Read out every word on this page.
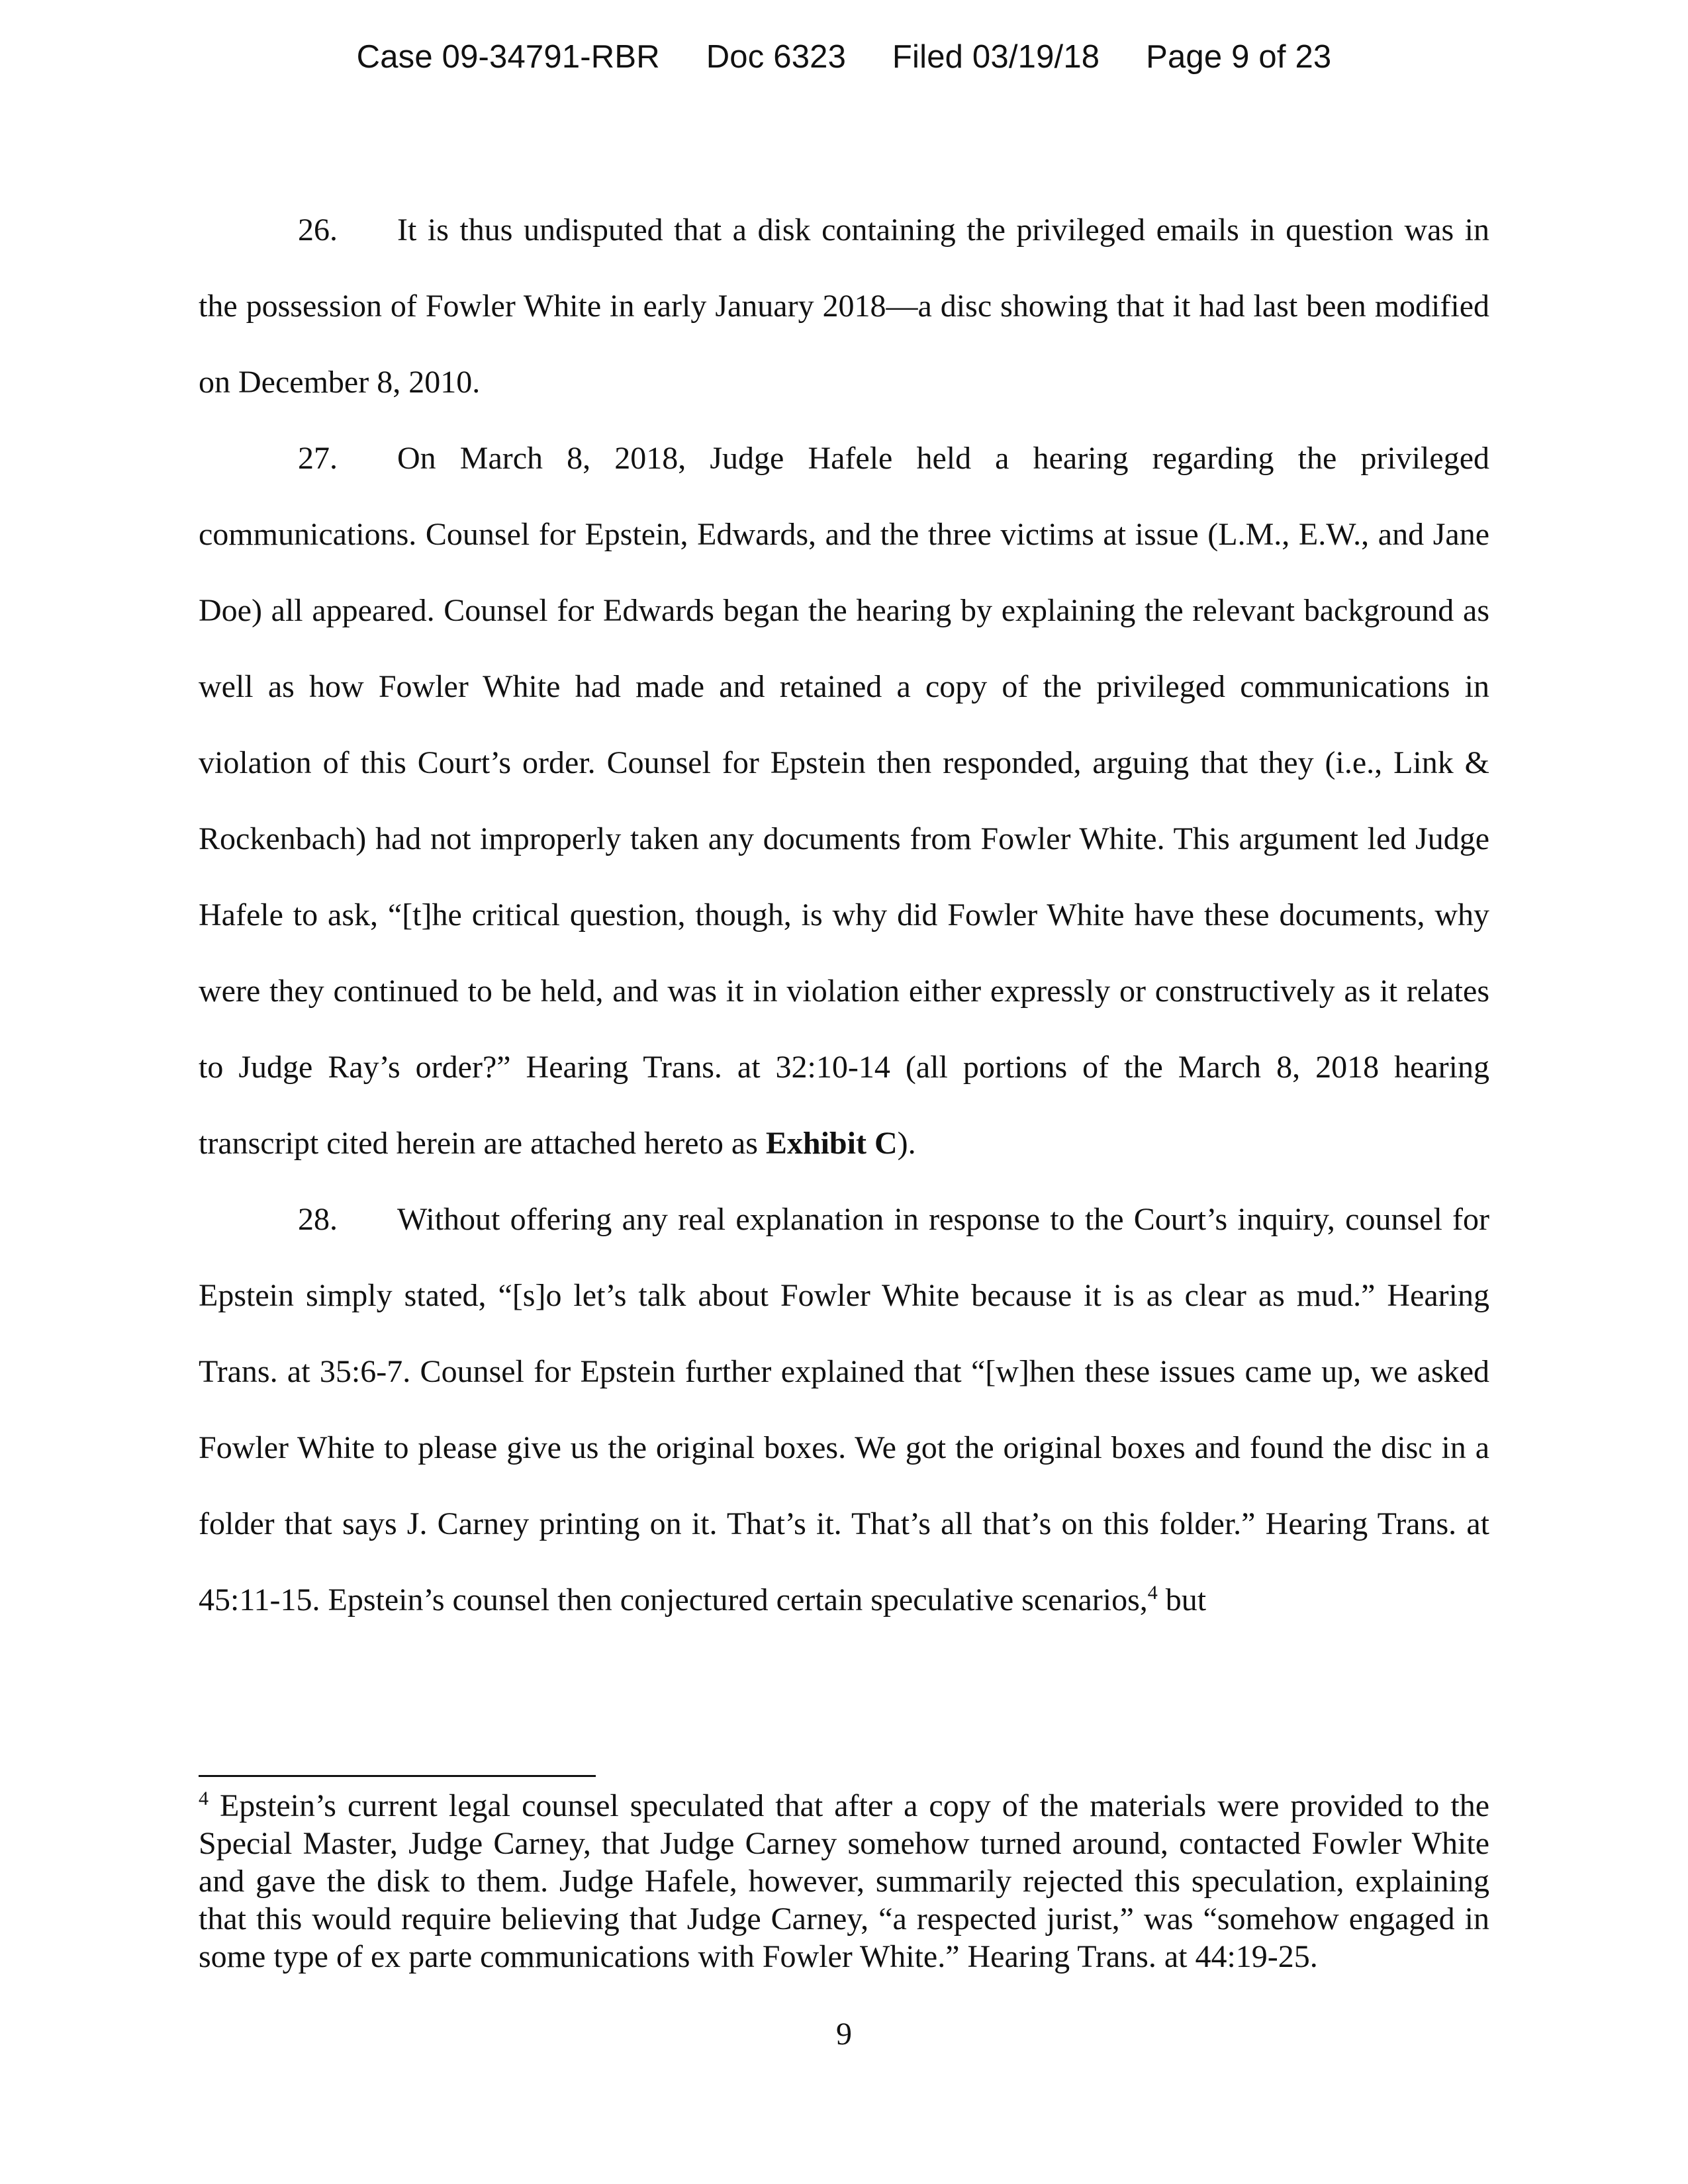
Case 09-34791-RBR Doc 6323 Filed 03/19/18 Page 9 of 23

26. It is thus undisputed that a disk containing the privileged emails in question was in the possession of Fowler White in early January 2018—a disc showing that it had last been modified on December 8, 2010.

27. On March 8, 2018, Judge Hafele held a hearing regarding the privileged communications. Counsel for Epstein, Edwards, and the three victims at issue (L.M., E.W., and Jane Doe) all appeared. Counsel for Edwards began the hearing by explaining the relevant background as well as how Fowler White had made and retained a copy of the privileged communications in violation of this Court’s order. Counsel for Epstein then responded, arguing that they (i.e., Link & Rockenbach) had not improperly taken any documents from Fowler White. This argument led Judge Hafele to ask, “[t]he critical question, though, is why did Fowler White have these documents, why were they continued to be held, and was it in violation either expressly or constructively as it relates to Judge Ray’s order?” Hearing Trans. at 32:10-14 (all portions of the March 8, 2018 hearing transcript cited herein are attached hereto as Exhibit C).

28. Without offering any real explanation in response to the Court’s inquiry, counsel for Epstein simply stated, “[s]o let’s talk about Fowler White because it is as clear as mud.” Hearing Trans. at 35:6-7. Counsel for Epstein further explained that “[w]hen these issues came up, we asked Fowler White to please give us the original boxes. We got the original boxes and found the disc in a folder that says J. Carney printing on it. That’s it. That’s all that’s on this folder.” Hearing Trans. at 45:11-15. Epstein’s counsel then conjectured certain speculative scenarios,$^4$ but

$^4$ Epstein’s current legal counsel speculated that after a copy of the materials were provided to the Special Master, Judge Carney, that Judge Carney somehow turned around, contacted Fowler White and gave the disk to them. Judge Hafele, however, summarily rejected this speculation, explaining that this would require believing that Judge Carney, “a respected jurist,” was “somehow engaged in some type of ex parte communications with Fowler White.” Hearing Trans. at 44:19-25.

9
